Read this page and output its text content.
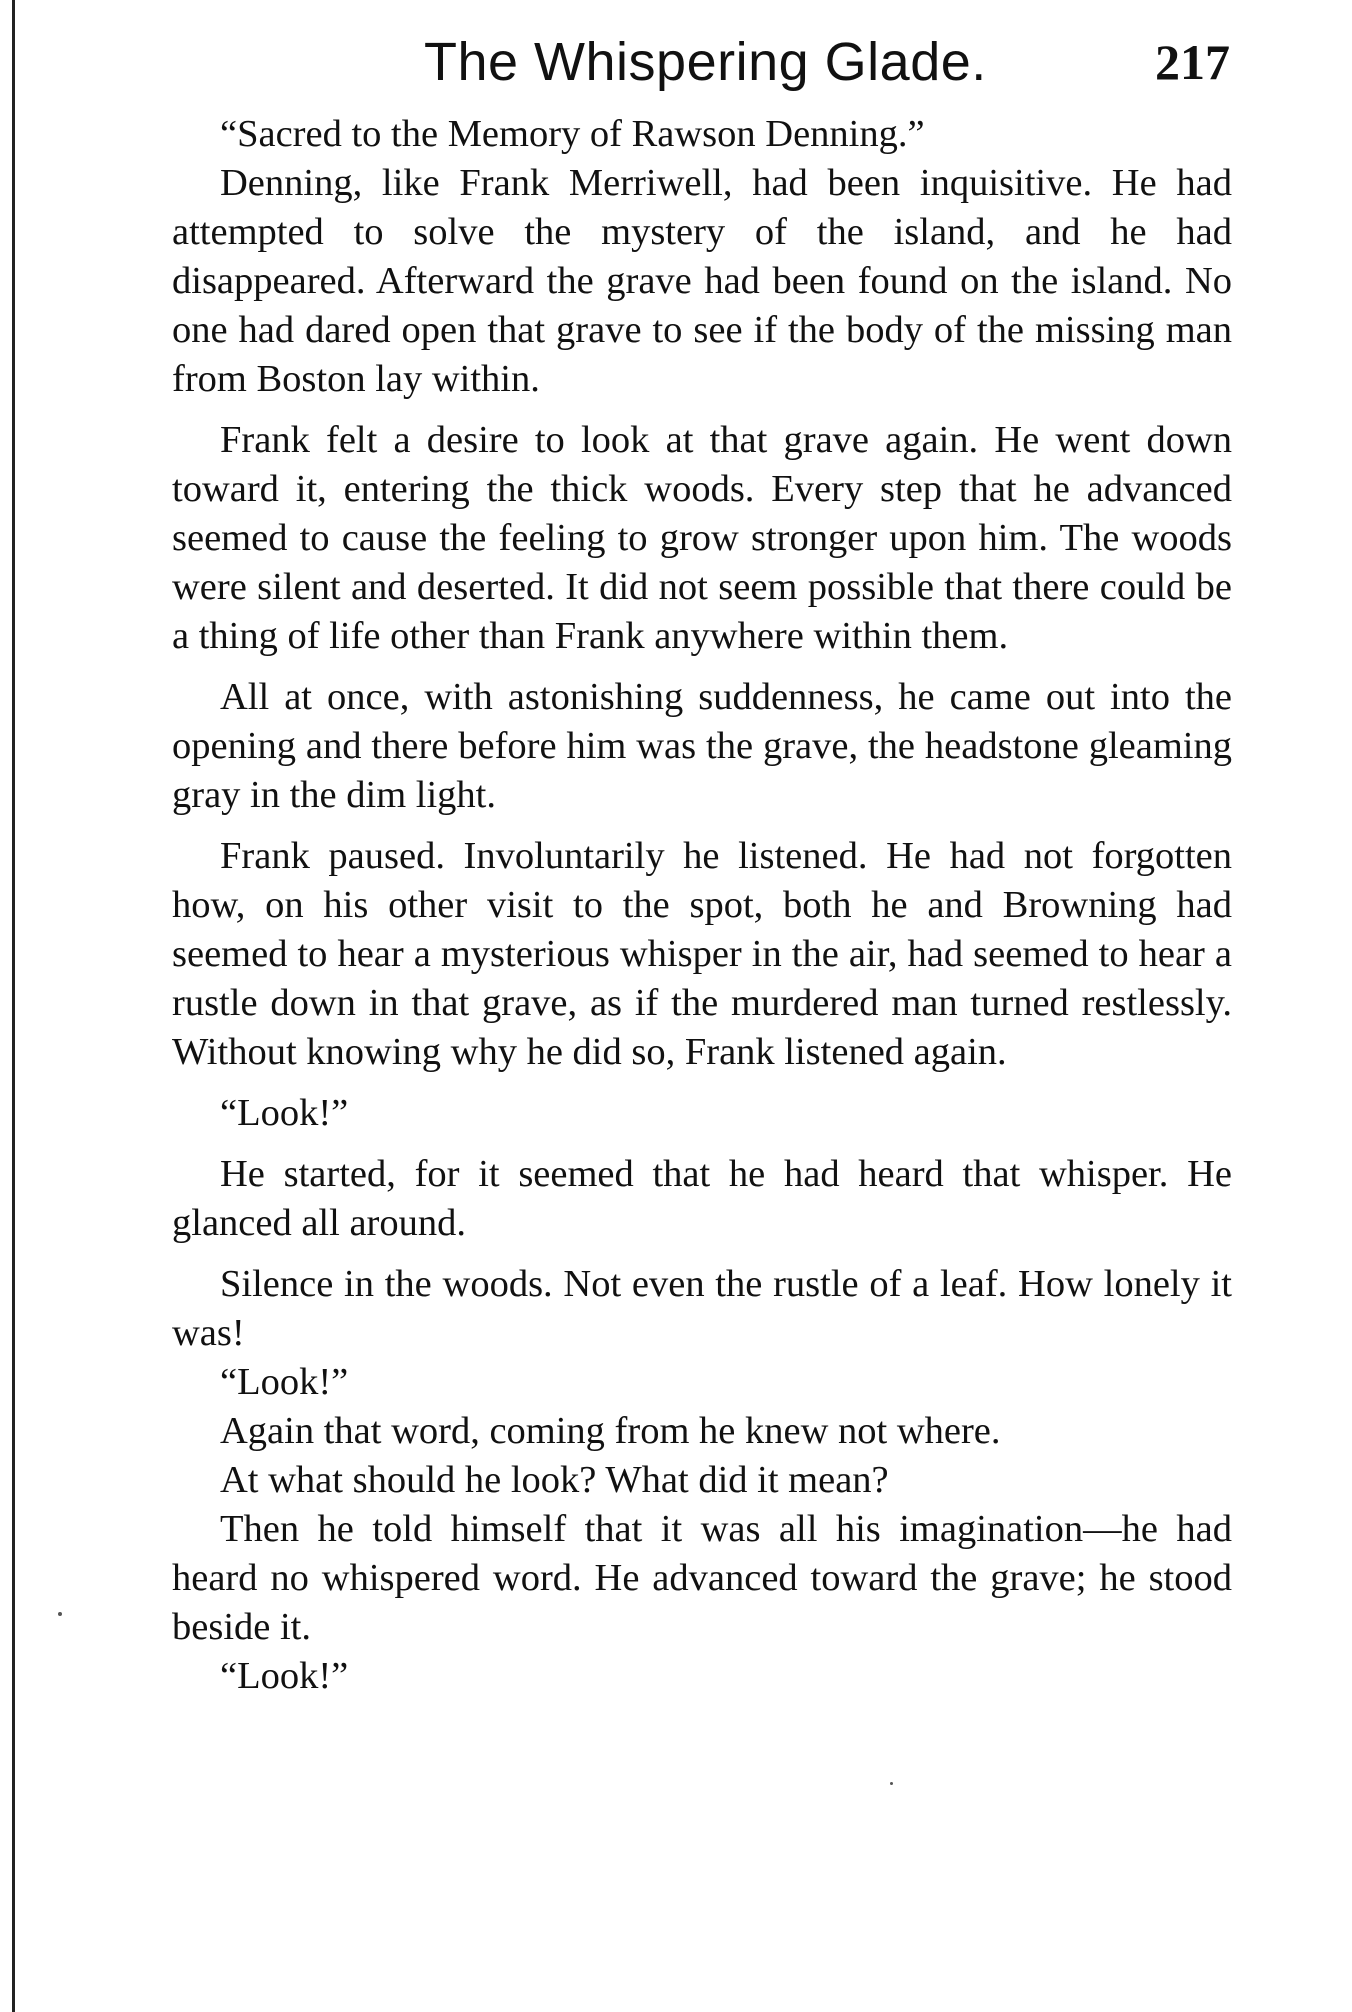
The Whispering Glade.	217

“Sacred to the Memory of Rawson Denning.”

Denning, like Frank Merriwell, had been inquisitive. He had attempted to solve the mystery of the island, and he had disappeared. Afterward the grave had been found on the island. No one had dared open that grave to see if the body of the missing man from Boston lay within.

Frank felt a desire to look at that grave again. He went down toward it, entering the thick woods. Every step that he advanced seemed to cause the feeling to grow stronger upon him. The woods were silent and deserted. It did not seem possible that there could be a thing of life other than Frank anywhere within them.

All at once, with astonishing suddenness, he came out into the opening and there before him was the grave, the headstone gleaming gray in the dim light.

Frank paused. Involuntarily he listened. He had not forgotten how, on his other visit to the spot, both he and Browning had seemed to hear a mysterious whisper in the air, had seemed to hear a rustle down in that grave, as if the murdered man turned restlessly. Without knowing why he did so, Frank listened again.

“Look!”

He started, for it seemed that he had heard that whisper. He glanced all around.

Silence in the woods. Not even the rustle of a leaf. How lonely it was!

“Look!”

Again that word, coming from he knew not where.

At what should he look? What did it mean?

Then he told himself that it was all his imagination—he had heard no whispered word. He advanced toward the grave; he stood beside it.

“Look!”
